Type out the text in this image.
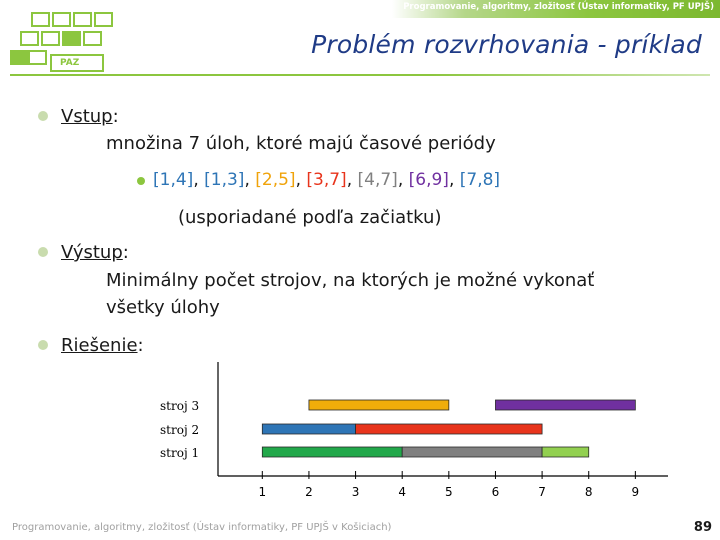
PAZ
Programovanie, algoritmy, zložitosť (Ústav informatiky, PF UPJŠ)
Problém rozvrhovania - príklad
Vstup:
množina 7 úloh, ktoré majú časové periódy
[1,4], [1,3], [2,5], [3,7], [4,7], [6,9], [7,8]
(usporiadané podľa začiatku)
Výstup:
Minimálny počet strojov, na ktorých je možné vykonať
všetky úlohy
Riešenie:
stroj 3
stroj 2
stroj 1
1	2	3	4	5	6	7	8	9
Programovanie, algoritmy, zložitosť (Ústav informatiky, PF UPJŠ v Košiciach)	89
